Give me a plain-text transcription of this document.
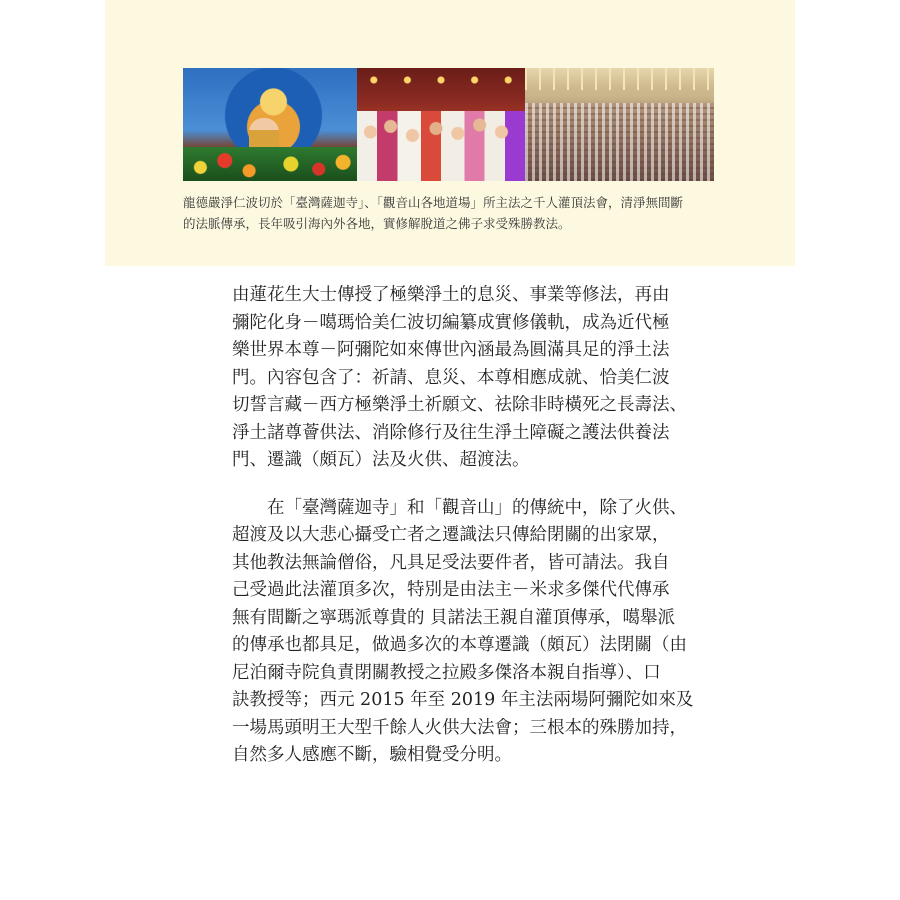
龍德嚴淨仁波切於「臺灣薩迦寺」、「觀音山各地道場」所主法之千人灌頂法會，清淨無間斷
的法脈傳承，長年吸引海內外各地，實修解脫道之佛子求受殊勝教法。
由蓮花生大士傳授了極樂淨土的息災、事業等修法，再由
彌陀化身－噶瑪恰美仁波切編纂成實修儀軌，成為近代極
樂世界本尊－阿彌陀如來傳世內涵最為圓滿具足的淨土法
門。內容包含了：祈請、息災、本尊相應成就、恰美仁波
切誓言藏－西方極樂淨土祈願文、祛除非時橫死之長壽法、
淨土諸尊薈供法、消除修行及往生淨土障礙之護法供養法
門、遷識（頗瓦）法及火供、超渡法。
在「臺灣薩迦寺」和「觀音山」的傳統中，除了火供、
超渡及以大悲心攝受亡者之遷識法只傳給閉關的出家眾，
其他教法無論僧俗，凡具足受法要件者，皆可請法。我自
己受過此法灌頂多次，特別是由法主－米求多傑代代傳承
無有間斷之寧瑪派尊貴的 貝諾法王親自灌頂傳承，噶舉派
的傳承也都具足，做過多次的本尊遷識（頗瓦）法閉關（由
尼泊爾寺院負責閉關教授之拉殿多傑洛本親自指導）、口
訣教授等；西元 2015 年至 2019 年主法兩場阿彌陀如來及
一場馬頭明王大型千餘人火供大法會；三根本的殊勝加持，
自然多人感應不斷，驗相覺受分明。
